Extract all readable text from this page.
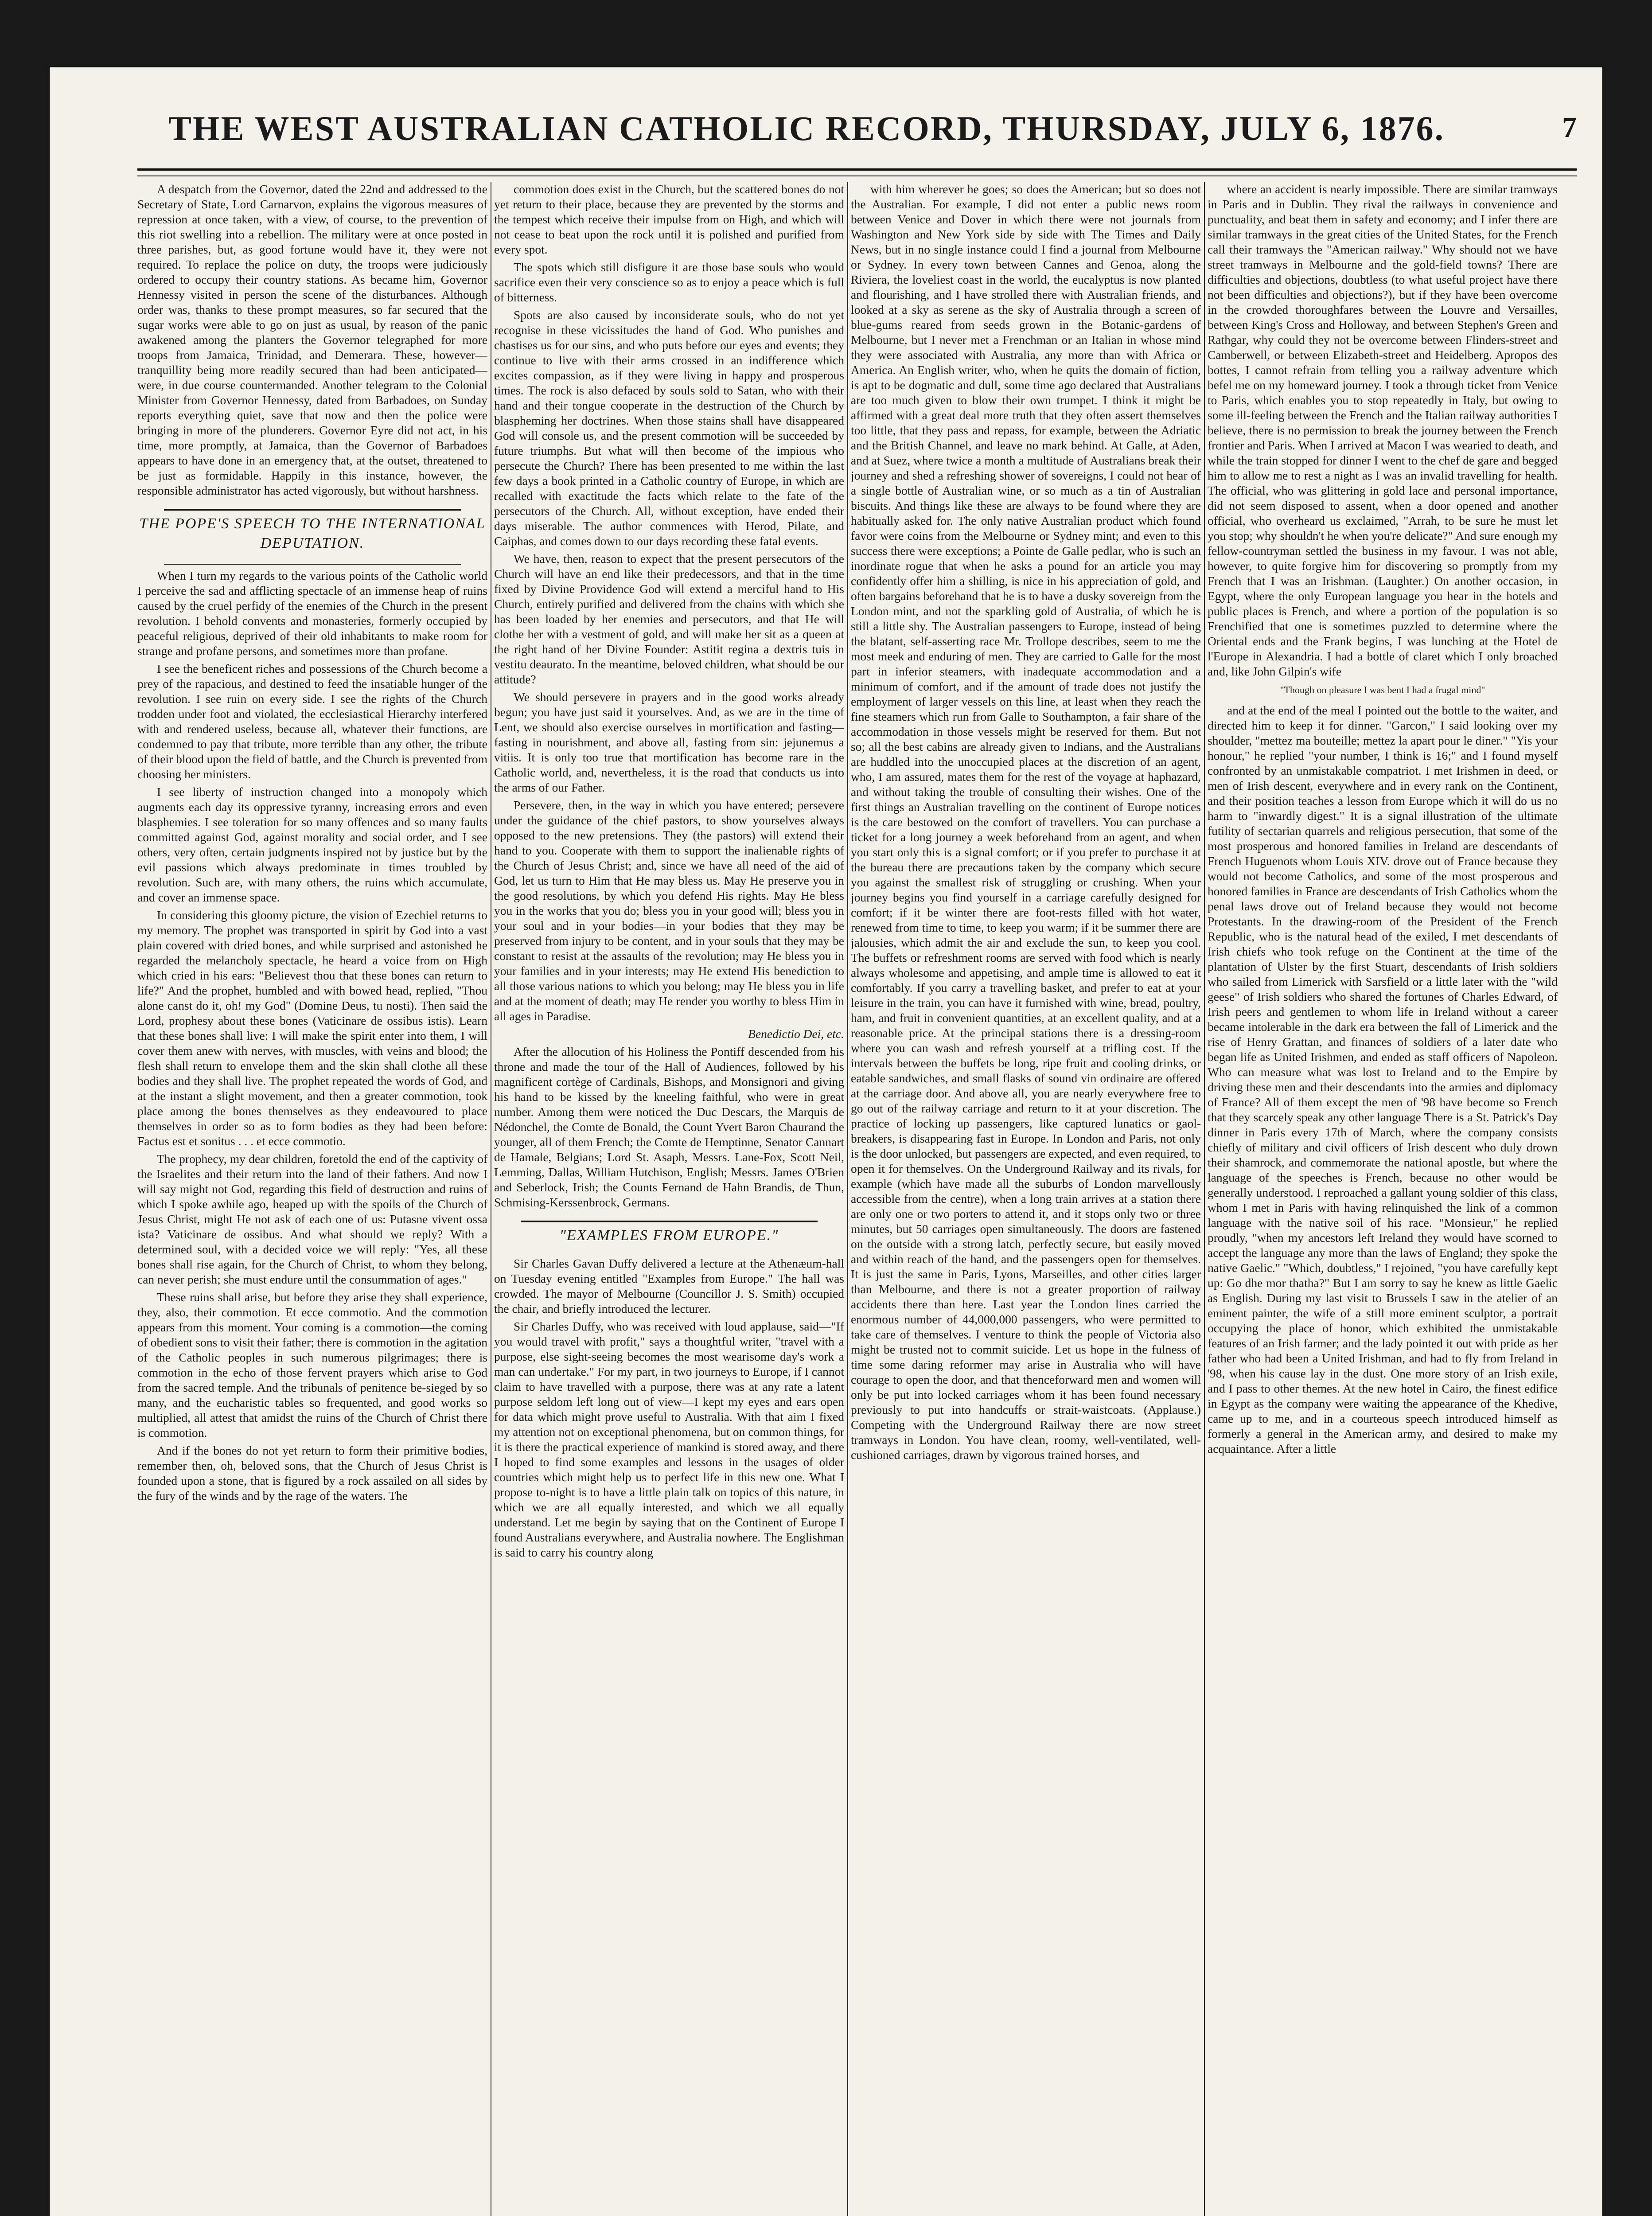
THE WEST AUSTRALIAN CATHOLIC RECORD, THURSDAY, JULY 6, 1876.	7

A despatch from the Governor, dated the 22nd and addressed to the Secretary of State, Lord Carnarvon, explains the vigorous measures of repression at once taken, with a view, of course, to the prevention of this riot swelling into a rebellion. The military were at once posted in three parishes, but, as good fortune would have it, they were not required. To replace the police on duty, the troops were judiciously ordered to occupy their country stations. As became him, Governor Hennessy visited in person the scene of the disturbances. Although order was, thanks to these prompt measures, so far secured that the sugar works were able to go on just as usual, by reason of the panic awakened among the planters the Governor telegraphed for more troops from Jamaica, Trinidad, and Demerara. These, however—tranquillity being more readily secured than had been anticipated—were, in due course countermanded. Another telegram to the Colonial Minister from Governor Hennessy, dated from Barbadoes, on Sunday reports everything quiet, save that now and then the police were bringing in more of the plunderers. Governor Eyre did not act, in his time, more promptly, at Jamaica, than the Governor of Barbadoes appears to have done in an emergency that, at the outset, threatened to be just as formidable. Happily in this instance, however, the responsible administrator has acted vigorously, but without harshness.

THE POPE'S SPEECH TO THE INTERNATIONAL DEPUTATION.

When I turn my regards to the various points of the Catholic world I perceive the sad and afflicting spectacle of an immense heap of ruins caused by the cruel perfidy of the enemies of the Church in the present revolution. I behold convents and monasteries, formerly occupied by peaceful religious, deprived of their old inhabitants to make room for strange and profane persons, and sometimes more than profane.

I see the beneficent riches and possessions of the Church become a prey of the rapacious, and destined to feed the insatiable hunger of the revolution. I see ruin on every side. I see the rights of the Church trodden under foot and violated, the ecclesiastical Hierarchy interfered with and rendered useless, because all, whatever their functions, are condemned to pay that tribute, more terrible than any other, the tribute of their blood upon the field of battle, and the Church is prevented from choosing her ministers.

I see liberty of instruction changed into a monopoly which augments each day its oppressive tyranny, increasing errors and even blasphemies. I see toleration for so many offences and so many faults committed against God, against morality and social order, and I see others, very often, certain judgments inspired not by justice but by the evil passions which always predominate in times troubled by revolution. Such are, with many others, the ruins which accumulate, and cover an immense space.

In considering this gloomy picture, the vision of Ezechiel returns to my memory. The prophet was transported in spirit by God into a vast plain covered with dried bones, and while surprised and astonished he regarded the melancholy spectacle, he heard a voice from on High which cried in his ears: "Believest thou that these bones can return to life?" And the prophet, humbled and with bowed head, replied, "Thou alone canst do it, oh! my God" (Domine Deus, tu nosti). Then said the Lord, prophesy about these bones (Vaticinare de ossibus istis). Learn that these bones shall live: I will make the spirit enter into them, I will cover them anew with nerves, with muscles, with veins and blood; the flesh shall return to envelope them and the skin shall clothe all these bodies and they shall live. The prophet repeated the words of God, and at the instant a slight movement, and then a greater commotion, took place among the bones themselves as they endeavoured to place themselves in order so as to form bodies as they had been before: Factus est et sonitus . . . et ecce commotio.

The prophecy, my dear children, foretold the end of the captivity of the Israelites and their return into the land of their fathers. And now I will say might not God, regarding this field of destruction and ruins of which I spoke awhile ago, heaped up with the spoils of the Church of Jesus Christ, might He not ask of each one of us: Putasne vivent ossa ista? Vaticinare de ossibus. And what should we reply? With a determined soul, with a decided voice we will reply: "Yes, all these bones shall rise again, for the Church of Christ, to whom they belong, can never perish; she must endure until the consummation of ages."

These ruins shall arise, but before they arise they shall experience, they, also, their commotion. Et ecce commotio. And the commotion appears from this moment. Your coming is a commotion—the coming of obedient sons to visit their father; there is commotion in the agitation of the Catholic peoples in such numerous pilgrimages; there is commotion in the echo of those fervent prayers which arise to God from the sacred temple. And the tribunals of penitence be-sieged by so many, and the eucharistic tables so frequented, and good works so multiplied, all attest that amidst the ruins of the Church of Christ there is commotion.

And if the bones do not yet return to form their primitive bodies, remember then, oh, beloved sons, that the Church of Jesus Christ is founded upon a stone, that is figured by a rock assailed on all sides by the fury of the winds and by the rage of the waters. The

commotion does exist in the Church, but the scattered bones do not yet return to their place, because they are prevented by the storms and the tempest which receive their impulse from on High, and which will not cease to beat upon the rock until it is polished and purified from every spot.

The spots which still disfigure it are those base souls who would sacrifice even their very conscience so as to enjoy a peace which is full of bitterness.

Spots are also caused by inconsiderate souls, who do not yet recognise in these vicissitudes the hand of God. Who punishes and chastises us for our sins, and who puts before our eyes and events; they continue to live with their arms crossed in an indifference which excites compassion, as if they were living in happy and prosperous times. The rock is also defaced by souls sold to Satan, who with their hand and their tongue cooperate in the destruction of the Church by blaspheming her doctrines. When those stains shall have disappeared God will console us, and the present commotion will be succeeded by future triumphs. But what will then become of the impious who persecute the Church? There has been presented to me within the last few days a book printed in a Catholic country of Europe, in which are recalled with exactitude the facts which relate to the fate of the persecutors of the Church. All, without exception, have ended their days miserable. The author commences with Herod, Pilate, and Caiphas, and comes down to our days recording these fatal events.

We have, then, reason to expect that the present persecutors of the Church will have an end like their predecessors, and that in the time fixed by Divine Providence God will extend a merciful hand to His Church, entirely purified and delivered from the chains with which she has been loaded by her enemies and persecutors, and that He will clothe her with a vestment of gold, and will make her sit as a queen at the right hand of her Divine Founder: Astitit regina a dextris tuis in vestitu deaurato. In the meantime, beloved children, what should be our attitude?

We should persevere in prayers and in the good works already begun; you have just said it yourselves. And, as we are in the time of Lent, we should also exercise ourselves in mortification and fasting—fasting in nourishment, and above all, fasting from sin: jejunemus a vitiis. It is only too true that mortification has become rare in the Catholic world, and, nevertheless, it is the road that conducts us into the arms of our Father.

Persevere, then, in the way in which you have entered; persevere under the guidance of the chief pastors, to show yourselves always opposed to the new pretensions. They (the pastors) will extend their hand to you. Cooperate with them to support the inalienable rights of the Church of Jesus Christ; and, since we have all need of the aid of God, let us turn to Him that He may bless us. May He preserve you in the good resolutions, by which you defend His rights. May He bless you in the works that you do; bless you in your good will; bless you in your soul and in your bodies—in your bodies that they may be preserved from injury to be content, and in your souls that they may be constant to resist at the assaults of the revolution; may He bless you in your families and in your interests; may He extend His benediction to all those various nations to which you belong; may He bless you in life and at the moment of death; may He render you worthy to bless Him in all ages in Paradise.

Benedictio Dei, etc.

After the allocution of his Holiness the Pontiff descended from his throne and made the tour of the Hall of Audiences, followed by his magnificent cortège of Cardinals, Bishops, and Monsignori and giving his hand to be kissed by the kneeling faithful, who were in great number. Among them were noticed the Duc Descars, the Marquis de Nédonchel, the Comte de Bonald, the Count Yvert Baron Chaurand the younger, all of them French; the Comte de Hemptinne, Senator Cannart de Hamale, Belgians; Lord St. Asaph, Messrs. Lane-Fox, Scott Neil, Lemming, Dallas, William Hutchison, English; Messrs. James O'Brien and Seberlock, Irish; the Counts Fernand de Hahn Brandis, de Thun, Schmising-Kerssenbrock, Germans.

"EXAMPLES FROM EUROPE."

Sir Charles Gavan Duffy delivered a lecture at the Athenæum-hall on Tuesday evening entitled "Examples from Europe." The hall was crowded. The mayor of Melbourne (Councillor J. S. Smith) occupied the chair, and briefly introduced the lecturer.

Sir Charles Duffy, who was received with loud applause, said—"If you would travel with profit," says a thoughtful writer, "travel with a purpose, else sight-seeing becomes the most wearisome day's work a man can undertake." For my part, in two journeys to Europe, if I cannot claim to have travelled with a purpose, there was at any rate a latent purpose seldom left long out of view—I kept my eyes and ears open for data which might prove useful to Australia. With that aim I fixed my attention not on exceptional phenomena, but on common things, for it is there the practical experience of mankind is stored away, and there I hoped to find some examples and lessons in the usages of older countries which might help us to perfect life in this new one. What I propose to-night is to have a little plain talk on topics of this nature, in which we are all equally interested, and which we all equally understand. Let me begin by saying that on the Continent of Europe I found Australians everywhere, and Australia nowhere. The Englishman is said to carry his country along

with him wherever he goes; so does the American; but so does not the Australian. For example, I did not enter a public news room between Venice and Dover in which there were not journals from Washington and New York side by side with The Times and Daily News, but in no single instance could I find a journal from Melbourne or Sydney. In every town between Cannes and Genoa, along the Riviera, the loveliest coast in the world, the eucalyptus is now planted and flourishing, and I have strolled there with Australian friends, and looked at a sky as serene as the sky of Australia through a screen of blue-gums reared from seeds grown in the Botanic-gardens of Melbourne, but I never met a Frenchman or an Italian in whose mind they were associated with Australia, any more than with Africa or America. An English writer, who, when he quits the domain of fiction, is apt to be dogmatic and dull, some time ago declared that Australians are too much given to blow their own trumpet. I think it might be affirmed with a great deal more truth that they often assert themselves too little, that they pass and repass, for example, between the Adriatic and the British Channel, and leave no mark behind. At Galle, at Aden, and at Suez, where twice a month a multitude of Australians break their journey and shed a refreshing shower of sovereigns, I could not hear of a single bottle of Australian wine, or so much as a tin of Australian biscuits. And things like these are always to be found where they are habitually asked for. The only native Australian product which found favor were coins from the Melbourne or Sydney mint; and even to this success there were exceptions; a Pointe de Galle pedlar, who is such an inordinate rogue that when he asks a pound for an article you may confidently offer him a shilling, is nice in his appreciation of gold, and often bargains beforehand that he is to have a dusky sovereign from the London mint, and not the sparkling gold of Australia, of which he is still a little shy. The Australian passengers to Europe, instead of being the blatant, self-asserting race Mr. Trollope describes, seem to me the most meek and enduring of men. They are carried to Galle for the most part in inferior steamers, with inadequate accommodation and a minimum of comfort, and if the amount of trade does not justify the employment of larger vessels on this line, at least when they reach the fine steamers which run from Galle to Southampton, a fair share of the accommodation in those vessels might be reserved for them. But not so; all the best cabins are already given to Indians, and the Australians are huddled into the unoccupied places at the discretion of an agent, who, I am assured, mates them for the rest of the voyage at haphazard, and without taking the trouble of consulting their wishes. One of the first things an Australian travelling on the continent of Europe notices is the care bestowed on the comfort of travellers. You can purchase a ticket for a long journey a week beforehand from an agent, and when you start only this is a signal comfort; or if you prefer to purchase it at the bureau there are precautions taken by the company which secure you against the smallest risk of struggling or crushing. When your journey begins you find yourself in a carriage carefully designed for comfort; if it be winter there are foot-rests filled with hot water, renewed from time to time, to keep you warm; if it be summer there are jalousies, which admit the air and exclude the sun, to keep you cool. The buffets or refreshment rooms are served with food which is nearly always wholesome and appetising, and ample time is allowed to eat it comfortably. If you carry a travelling basket, and prefer to eat at your leisure in the train, you can have it furnished with wine, bread, poultry, ham, and fruit in convenient quantities, at an excellent quality, and at a reasonable price. At the principal stations there is a dressing-room where you can wash and refresh yourself at a trifling cost. If the intervals between the buffets be long, ripe fruit and cooling drinks, or eatable sandwiches, and small flasks of sound vin ordinaire are offered at the carriage door. And above all, you are nearly everywhere free to go out of the railway carriage and return to it at your discretion. The practice of locking up passengers, like captured lunatics or gaol-breakers, is disappearing fast in Europe. In London and Paris, not only is the door unlocked, but passengers are expected, and even required, to open it for themselves. On the Underground Railway and its rivals, for example (which have made all the suburbs of London marvellously accessible from the centre), when a long train arrives at a station there are only one or two porters to attend it, and it stops only two or three minutes, but 50 carriages open simultaneously. The doors are fastened on the outside with a strong latch, perfectly secure, but easily moved and within reach of the hand, and the passengers open for themselves. It is just the same in Paris, Lyons, Marseilles, and other cities larger than Melbourne, and there is not a greater proportion of railway accidents there than here. Last year the London lines carried the enormous number of 44,000,000 passengers, who were permitted to take care of themselves. I venture to think the people of Victoria also might be trusted not to commit suicide. Let us hope in the fulness of time some daring reformer may arise in Australia who will have courage to open the door, and that thenceforward men and women will only be put into locked carriages whom it has been found necessary previously to put into handcuffs or strait-waistcoats. (Applause.) Competing with the Underground Railway there are now street tramways in London. You have clean, roomy, well-ventilated, well-cushioned carriages, drawn by vigorous trained horses, and

where an accident is nearly impossible. There are similar tramways in Paris and in Dublin. They rival the railways in convenience and punctuality, and beat them in safety and economy; and I infer there are similar tramways in the great cities of the United States, for the French call their tramways the "American railway." Why should not we have street tramways in Melbourne and the gold-field towns? There are difficulties and objections, doubtless (to what useful project have there not been difficulties and objections?), but if they have been overcome in the crowded thoroughfares between the Louvre and Versailles, between King's Cross and Holloway, and between Stephen's Green and Rathgar, why could they not be overcome between Flinders-street and Camberwell, or between Elizabeth-street and Heidelberg. Apropos des bottes, I cannot refrain from telling you a railway adventure which befel me on my homeward journey. I took a through ticket from Venice to Paris, which enables you to stop repeatedly in Italy, but owing to some ill-feeling between the French and the Italian railway authorities I believe, there is no permission to break the journey between the French frontier and Paris. When I arrived at Macon I was wearied to death, and while the train stopped for dinner I went to the chef de gare and begged him to allow me to rest a night as I was an invalid travelling for health. The official, who was glittering in gold lace and personal importance, did not seem disposed to assent, when a door opened and another official, who overheard us exclaimed, "Arrah, to be sure he must let you stop; why shouldn't he when you're delicate?" And sure enough my fellow-countryman settled the business in my favour. I was not able, however, to quite forgive him for discovering so promptly from my French that I was an Irishman. (Laughter.) On another occasion, in Egypt, where the only European language you hear in the hotels and public places is French, and where a portion of the population is so Frenchified that one is sometimes puzzled to determine where the Oriental ends and the Frank begins, I was lunching at the Hotel de l'Europe in Alexandria. I had a bottle of claret which I only broached and, like John Gilpin's wife

"Though on pleasure I was bent I had a frugal mind"

and at the end of the meal I pointed out the bottle to the waiter, and directed him to keep it for dinner. "Garcon," I said looking over my shoulder, "mettez ma bouteille; mettez la apart pour le diner." "Yis your honour," he replied "your number, I think is 16;" and I found myself confronted by an unmistakable compatriot. I met Irishmen in deed, or men of Irish descent, everywhere and in every rank on the Continent, and their position teaches a lesson from Europe which it will do us no harm to "inwardly digest." It is a signal illustration of the ultimate futility of sectarian quarrels and religious persecution, that some of the most prosperous and honored families in Ireland are descendants of French Huguenots whom Louis XIV. drove out of France because they would not become Catholics, and some of the most prosperous and honored families in France are descendants of Irish Catholics whom the penal laws drove out of Ireland because they would not become Protestants. In the drawing-room of the President of the French Republic, who is the natural head of the exiled, I met descendants of Irish chiefs who took refuge on the Continent at the time of the plantation of Ulster by the first Stuart, descendants of Irish soldiers who sailed from Limerick with Sarsfield or a little later with the "wild geese" of Irish soldiers who shared the fortunes of Charles Edward, of Irish peers and gentlemen to whom life in Ireland without a career became intolerable in the dark era between the fall of Limerick and the rise of Henry Grattan, and finances of soldiers of a later date who began life as United Irishmen, and ended as staff officers of Napoleon. Who can measure what was lost to Ireland and to the Empire by driving these men and their descendants into the armies and diplomacy of France? All of them except the men of '98 have become so French that they scarcely speak any other language There is a St. Patrick's Day dinner in Paris every 17th of March, where the company consists chiefly of military and civil officers of Irish descent who duly drown their shamrock, and commemorate the national apostle, but where the language of the speeches is French, because no other would be generally understood. I reproached a gallant young soldier of this class, whom I met in Paris with having relinquished the link of a common language with the native soil of his race. "Monsieur," he replied proudly, "when my ancestors left Ireland they would have scorned to accept the language any more than the laws of England; they spoke the native Gaelic." "Which, doubtless," I rejoined, "you have carefully kept up: Go dhe mor thatha?" But I am sorry to say he knew as little Gaelic as English. During my last visit to Brussels I saw in the atelier of an eminent painter, the wife of a still more eminent sculptor, a portrait occupying the place of honor, which exhibited the unmistakable features of an Irish farmer; and the lady pointed it out with pride as her father who had been a United Irishman, and had to fly from Ireland in '98, when his cause lay in the dust. One more story of an Irish exile, and I pass to other themes. At the new hotel in Cairo, the finest edifice in Egypt as the company were waiting the appearance of the Khedive, came up to me, and in a courteous speech introduced himself as formerly a general in the American army, and desired to make my acquaintance. After a little
